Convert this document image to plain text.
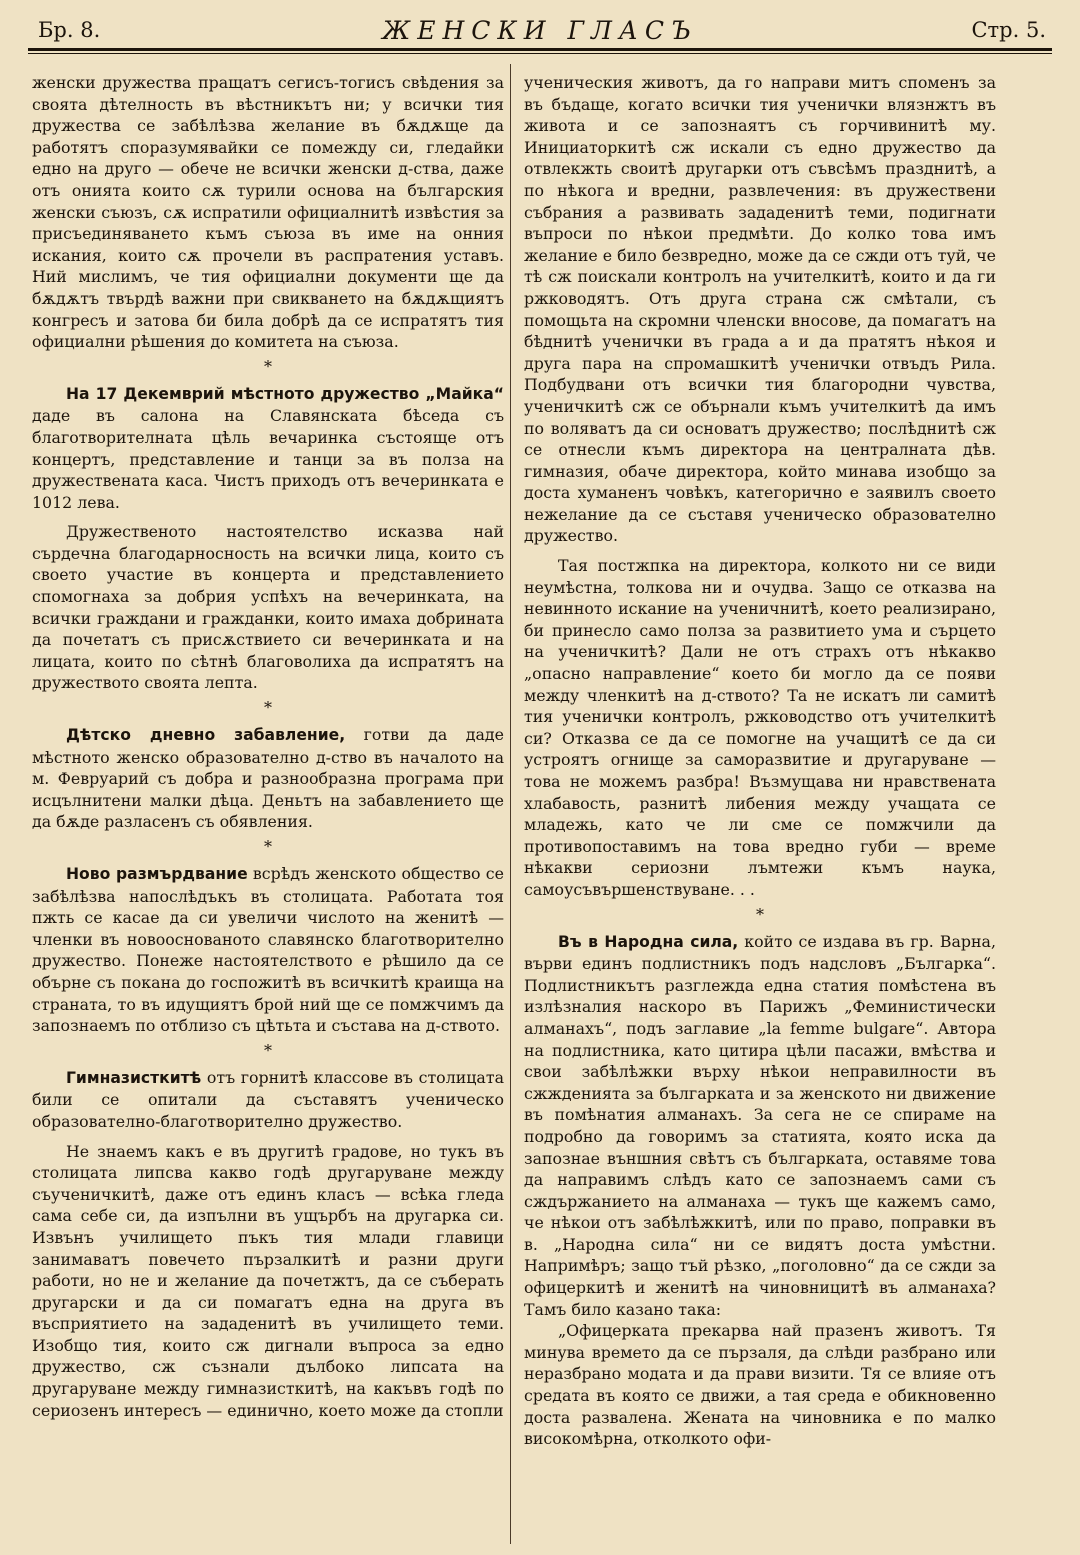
Бр. 8.	ЖЕНСКИ ГЛАСЪ	Стр. 5.

женски дружества пращатъ сегисъ-тогисъ свѣдения за своята дѣтелность въ вѣстникътъ ни; у всички тия дружества се забѣлѣзва желание въ бѫдѫще да работятъ споразумявайки се помежду си, гледайки едно на друго — обече не всички женски д-ства, даже отъ онията които сѫ турили основа на българския женски съюзъ, сѫ испратили официалнитѣ извѣстия за присъединяването къмъ съюза въ име на онния искания, които сѫ прочели въ распратения уставъ. Ний мислимъ, че тия официални документи ще да бѫдѫтъ твърдѣ важни при свикването на бѫдѫщиятъ конгресъ и затова би била добрѣ да се испратятъ тия официални рѣшения до комитета на съюза.

*

На 17 Декемврий мѣстното дружество „Майка“ даде въ салона на Славянската бѣседа съ благотворителната цѣль вечаринка състояще отъ концертъ, представление и танци за въ полза на дружествената каса. Чистъ приходъ отъ вечеринката е 1012 лева.

Дружественото настоятелство исказва най сърдечна благодарносность на всички лица, които съ своето участие въ концерта и представлението спомогнаха за добрия успѣхъ на вечеринката, на всички граждани и гражданки, които имаха добрината да почетатъ съ присѫствието си вечеринката и на лицата, които по сѣтнѣ благоволиха да испратятъ на дружеството своята лепта.

*

Дѣтско дневно забавление, готви да даде мѣстното женско образователно д-ство въ началото на м. Февруарий съ добра и разнообразна програма при исцълнитени малки дѣца. Деньтъ на забавлението ще да бѫде разласенъ съ обявления.

*

Ново размърдвание всрѣдъ женското общество се забѣлѣзва напослѣдъкъ въ столицата. Работата тоя пжть се касае да си увеличи числото на женитѣ — членки въ новооснованото славянско благотворително дружество. Понеже настоятелството е рѣшило да се обърне съ покана до госпожитѣ въ всичкитѣ краища на страната, то въ идущиятъ брой ний ще се помжчимъ да запознаемъ по отблизо съ цѣтьта и състава на д-ството.

*

Гимназисткитѣ отъ горнитѣ классове въ столицата били се опитали да съставятъ ученическо образователно-благотворително дружество.

Не знаемъ какъ е въ другитѣ градове, но тукъ въ столицата липсва какво годѣ другаруване между съученичкитѣ, даже отъ единъ класъ — всѣка гледа сама себе си, да изпълни въ ущърбъ на другарка си. Извънъ училището пъкъ тия млади главици занимаватъ повечето пързалкитѣ и разни други работи, но не и желание да почетжтъ, да се съберать другарски и да си помагатъ една на друга въ въсприятието на зададенитѣ въ училището теми. Изобщо тия, които сж дигнали въпроса за едно дружество, сж съзнали дълбоко липсата на другаруване между гимназисткитѣ, на какъвъ годѣ по сериозенъ интересъ — единично, което може да стопли

ученическия животъ, да го направи митъ споменъ за въ бъдаще, когато всички тия ученички влязнжтъ въ живота и се запознаятъ съ горчивинитѣ му. Инициаторкитѣ сж искали съ едно дружество да отвлекжть своитѣ другарки отъ съвсѣмъ празднитѣ, а по нѣкога и вредни, развлечения: въ дружествени събрания а развивать зададенитѣ теми, подигнати въпроси по нѣкои предмѣти. До колко това имъ желание е било безвредно, може да се сжди отъ туй, че тѣ сж поискали контролъ на учителкитѣ, които и да ги ржководятъ. Отъ друга страна сж смѣтали, съ помощьта на скромни членски вносове, да помагатъ на бѣднитѣ ученички въ града а и да пратятъ нѣкоя и друга пара на спромашкитѣ ученички отвъдъ Рила. Подбудвани отъ всички тия благородни чувства, ученичкитѣ сж се обърнали къмъ учителкитѣ да имъ по воляватъ да си основатъ дружество; послѣднитѣ сж се отнесли къмъ директора на централната дѣв. гимназия, обаче директора, който минава изобщо за доста хуманенъ човѣкъ, категорично е заявилъ своето нежелание да се съставя ученическо образователно дружество.

Тая постжпка на директора, колкото ни се види неумѣстна, толкова ни и очудва. Защо се отказва на невинното искание на ученичнитѣ, което реализирано, би принесло само полза за развитието ума и сърцето на ученичкитѣ? Дали не отъ страхъ отъ нѣкакво „опасно направление“ което би могло да се появи между членкитѣ на д-ството? Та не искатъ ли самитѣ тия ученички контролъ, ржководство отъ учителкитѣ си? Отказва се да се помогне на учащитѣ се да си устроятъ огнище за саморазвитие и другаруване — това не можемъ разбра! Възмущава ни нравствената хлабавость, разнитѣ либения между учащата се младежь, като че ли сме се помжчили да противопоставимъ на това вредно губи — време нѣкакви сериозни лъмтежи къмъ наука, самоусъвършенствуване. . .

*

Въ в Народна сила, който се издава въ гр. Варна, върви единъ подлистникъ подъ надсловъ „Българка“. Подлистникътъ разглежда една статия помѣстена въ излѣзналия наскоро въ Парижъ „Феминистически алманахъ“, подъ заглавие „la femme bulgare“. Автора на подлистника, като цитира цѣли пасажи, вмѣства и свои забѣлѣжки върху нѣкои неправилности въ сжжденията за българката и за женското ни движение въ помѣнатия алманахъ. За сега не се спираме на подробно да говоримъ за статията, която иска да запознае външния свѣтъ съ българката, оставяме това да направимъ слѣдъ като се запознаемъ сами съ сждържанието на алманаха — тукъ ще кажемъ само, че нѣкои отъ забѣлѣжкитѣ, или по право, поправки въ в. „Народна сила“ ни се видятъ доста умѣстни. Напримѣръ; защо тъй рѣзко, „поголовно“ да се сжди за офицеркитѣ и женитѣ на чиновницитѣ въ алманаха? Тамъ било казано така:

„Офицерката прекарва най празенъ животъ. Тя минува времето да се пързаля, да слѣди разбрано или неразбрано модата и да прави визити. Тя се влияе отъ средата въ която се движи, а тая среда е обикновенно доста развалена. Жената на чиновника е по малко високомѣрна, отколкото офи-
